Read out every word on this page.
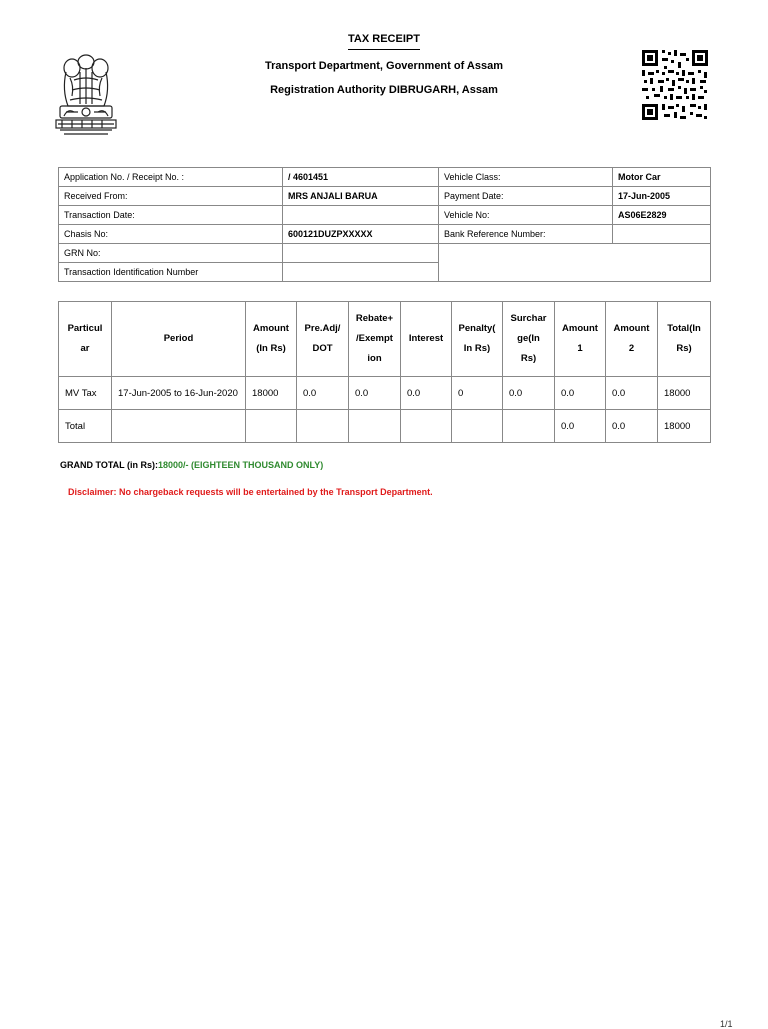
TAX RECEIPT
Transport Department, Government of Assam
Registration Authority DIBRUGARH, Assam
Application No. / Receipt No. :	/ 4601451	Vehicle Class:	Motor Car
Received From:	MRS ANJALI BARUA	Payment Date:	17-Jun-2005
Transaction Date:		Vehicle No:	AS06E2829
Chasis No:	600121DUZPXXXXX	Bank Reference Number:	
GRN No:			
Transaction Identification Number			
Particul ar	Period	Amount (In Rs)	Pre.Adj/ DOT	Rebate+ /Exempt ion	Interest	Penalty( In Rs)	Surchar ge(In Rs)	Amount 1	Amount 2	Total(In Rs)
MV Tax	17-Jun-2005 to 16-Jun-2020	18000	0.0	0.0	0.0	0	0.0	0.0	0.0	18000
Total								0.0	0.0	18000
GRAND TOTAL (in Rs):18000/- (EIGHTEEN THOUSAND ONLY)
Disclaimer: No chargeback requests will be entertained by the Transport Department.
1/1
